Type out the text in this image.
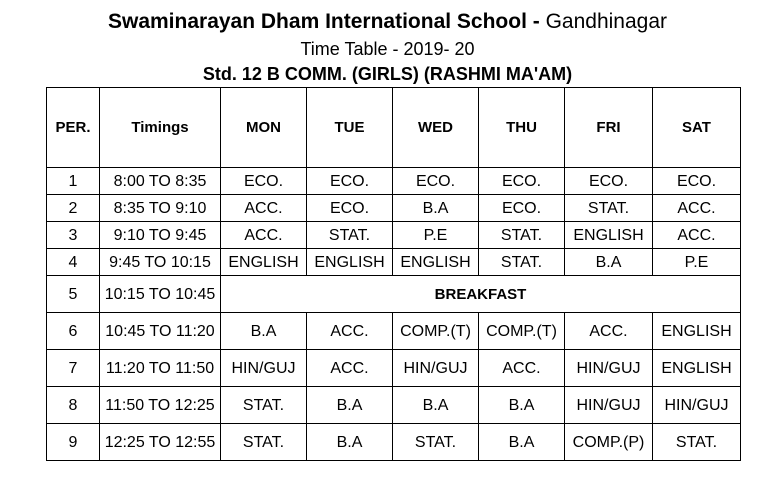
Swaminarayan Dham International School - Gandhinagar
Time Table - 2019- 20
Std. 12 B COMM. (GIRLS) (RASHMI MA'AM)
PER.	Timings	MON	TUE	WED	THU	FRI	SAT
1	8:00 TO 8:35	ECO.	ECO.	ECO.	ECO.	ECO.	ECO.
2	8:35 TO 9:10	ACC.	ECO.	B.A	ECO.	STAT.	ACC.
3	9:10 TO 9:45	ACC.	STAT.	P.E	STAT.	ENGLISH	ACC.
4	9:45 TO 10:15	ENGLISH	ENGLISH	ENGLISH	STAT.	B.A	P.E
5	10:15 TO 10:45	BREAKFAST					
6	10:45 TO 11:20	B.A	ACC.	COMP.(T)	COMP.(T)	ACC.	ENGLISH
7	11:20 TO 11:50	HIN/GUJ	ACC.	HIN/GUJ	ACC.	HIN/GUJ	ENGLISH
8	11:50 TO 12:25	STAT.	B.A	B.A	B.A	HIN/GUJ	HIN/GUJ
9	12:25 TO 12:55	STAT.	B.A	STAT.	B.A	COMP.(P)	STAT.
